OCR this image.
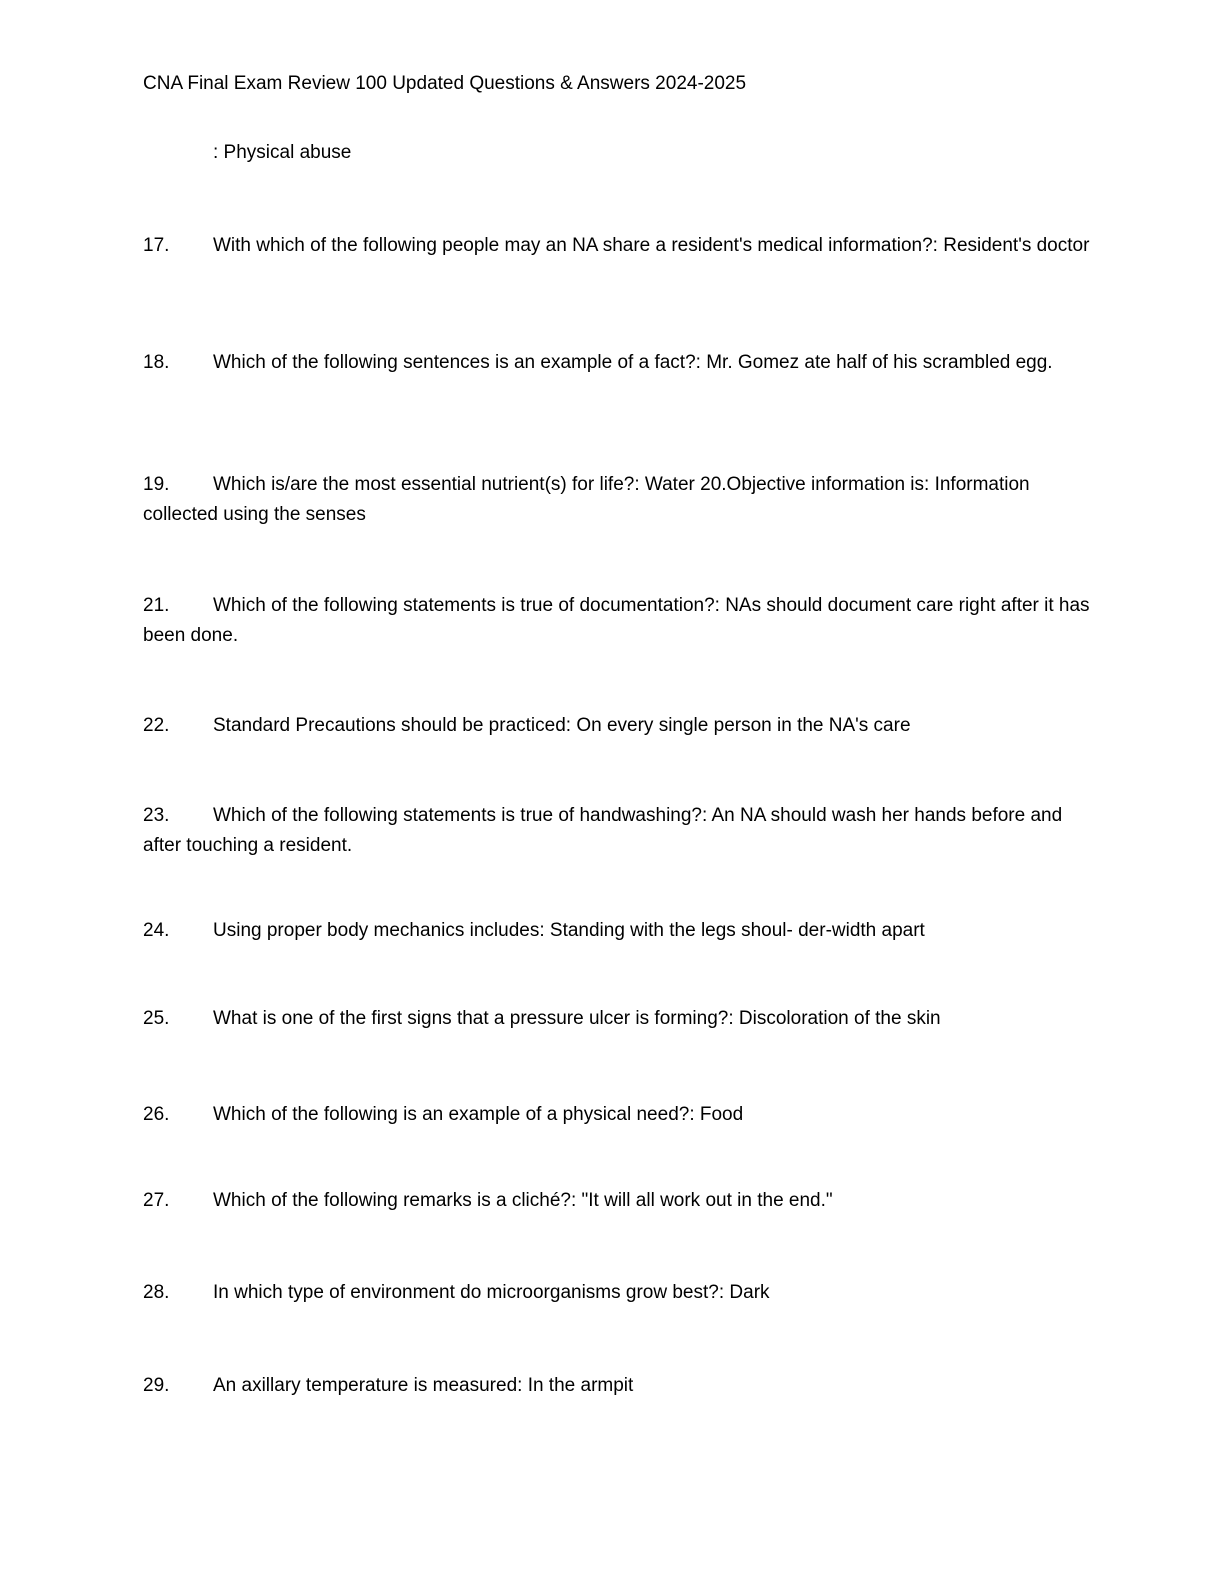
CNA Final Exam Review 100 Updated Questions & Answers 2024-2025
: Physical abuse
17. With which of the following people may an NA share a resident's medical information?: Resident's doctor
18. Which of the following sentences is an example of a fact?: Mr. Gomez ate half of his scrambled egg.
19. Which is/are the most essential nutrient(s) for life?: Water 20.Objective information is: Information collected using the senses
21. Which of the following statements is true of documentation?: NAs should document care right after it has been done.
22. Standard Precautions should be practiced: On every single person in the NA's care
23. Which of the following statements is true of handwashing?: An NA should wash her hands before and after touching a resident.
24. Using proper body mechanics includes: Standing with the legs shoul- der-width apart
25. What is one of the first signs that a pressure ulcer is forming?: Discoloration of the skin
26. Which of the following is an example of a physical need?: Food
27. Which of the following remarks is a cliché?: "It will all work out in the end."
28. In which type of environment do microorganisms grow best?: Dark
29. An axillary temperature is measured: In the armpit
